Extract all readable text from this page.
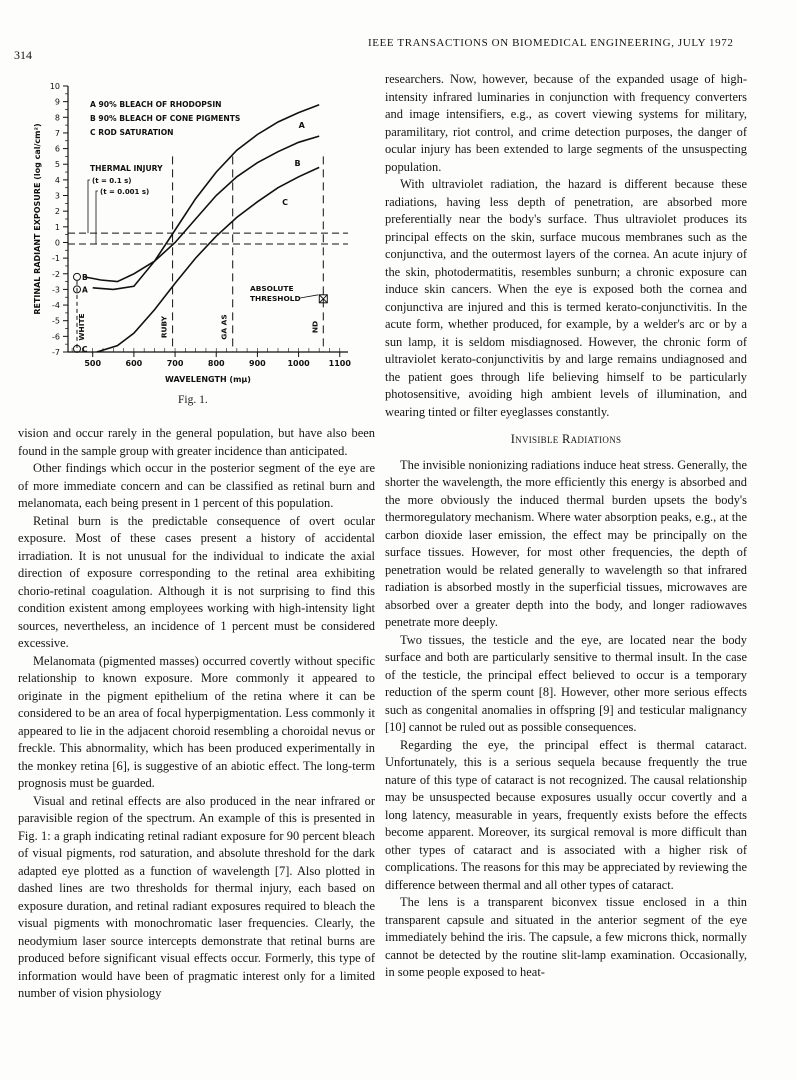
314
IEEE TRANSACTIONS ON BIOMEDICAL ENGINEERING, JULY 1972
10
9
8
7
6
5
4
3
2
1
0
-1
-2
-3
-4
-5
-6
-7
500	600	700	800	900	1000 1100
WAVELENGTH (mμ)
RETINAL RADIANT EXPOSURE (log cal/cm²)	A
B
C
A 90% BLEACH OF RHODOPSIN
B 90% BLEACH OF CONE PIGMENTS
C ROD SATURATION
THERMAL INJURY
(t = 0.1 s)
(t = 0.001 s)
ABSOLUTE
THRESHOLD
B
A
C
WHITE	RUBY	GA AS	ND
Fig. 1.

vision and occur rarely in the general population, but have also been found in the sample group with greater incidence than anticipated.

Other findings which occur in the posterior segment of the eye are of more immediate concern and can be classified as retinal burn and melanomata, each being present in 1 percent of this population.

Retinal burn is the predictable consequence of overt ocular exposure. Most of these cases present a history of accidental irradiation. It is not unusual for the individual to indicate the axial direction of exposure corresponding to the retinal area exhibiting chorio-retinal coagulation. Although it is not surprising to find this condition existent among employees working with high-intensity light sources, nevertheless, an incidence of 1 percent must be considered excessive.

Melanomata (pigmented masses) occurred covertly without specific relationship to known exposure. More commonly it appeared to originate in the pigment epithelium of the retina where it can be considered to be an area of focal hyperpigmentation. Less commonly it appeared to lie in the adjacent choroid resembling a choroidal nevus or freckle. This abnormality, which has been produced experimentally in the monkey retina [6], is suggestive of an abiotic effect. The long-term prognosis must be guarded.

Visual and retinal effects are also produced in the near infrared or paravisible region of the spectrum. An example of this is presented in Fig. 1: a graph indicating retinal radiant exposure for 90 percent bleach of visual pigments, rod saturation, and absolute threshold for the dark adapted eye plotted as a function of wavelength [7]. Also plotted in dashed lines are two thresholds for thermal injury, each based on exposure duration, and retinal radiant exposures required to bleach the visual pigments with monochromatic laser frequencies. Clearly, the neodymium laser source intercepts demonstrate that retinal burns are produced before significant visual effects occur. Formerly, this type of information would have been of pragmatic interest only for a limited number of vision physiology

researchers. Now, however, because of the expanded usage of high-intensity infrared luminaries in conjunction with frequency converters and image intensifiers, e.g., as covert viewing systems for military, paramilitary, riot control, and crime detection purposes, the danger of ocular injury has been extended to large segments of the unsuspecting population.

With ultraviolet radiation, the hazard is different because these radiations, having less depth of penetration, are absorbed more preferentially near the body's surface. Thus ultraviolet produces its principal effects on the skin, surface mucous membranes such as the conjunctiva, and the outermost layers of the cornea. An acute injury of the skin, photodermatitis, resembles sunburn; a chronic exposure can induce skin cancers. When the eye is exposed both the cornea and conjunctiva are injured and this is termed kerato-conjunctivitis. In the acute form, whether produced, for example, by a welder's arc or by a sun lamp, it is seldom misdiagnosed. However, the chronic form of ultraviolet kerato-conjunctivitis by and large remains undiagnosed and the patient goes through life believing himself to be particularly photosensitive, avoiding high ambient levels of illumination, and wearing tinted or filter eyeglasses constantly.

Invisible Radiations

The invisible nonionizing radiations induce heat stress. Generally, the shorter the wavelength, the more efficiently this energy is absorbed and the more obviously the induced thermal burden upsets the body's thermoregulatory mechanism. Where water absorption peaks, e.g., at the carbon dioxide laser emission, the effect may be principally on the surface tissues. However, for most other frequencies, the depth of penetration would be related generally to wavelength so that infrared radiation is absorbed mostly in the superficial tissues, microwaves are absorbed over a greater depth into the body, and longer radiowaves penetrate more deeply.

Two tissues, the testicle and the eye, are located near the body surface and both are particularly sensitive to thermal insult. In the case of the testicle, the principal effect believed to occur is a temporary reduction of the sperm count [8]. However, other more serious effects such as congenital anomalies in offspring [9] and testicular malignancy [10] cannot be ruled out as possible consequences.

Regarding the eye, the principal effect is thermal cataract. Unfortunately, this is a serious sequela because frequently the true nature of this type of cataract is not recognized. The causal relationship may be unsuspected because exposures usually occur covertly and a long latency, measurable in years, frequently exists before the effects become apparent. Moreover, its surgical removal is more difficult than other types of cataract and is associated with a higher risk of complications. The reasons for this may be appreciated by reviewing the difference between thermal and all other types of cataract.

The lens is a transparent biconvex tissue enclosed in a thin transparent capsule and situated in the anterior segment of the eye immediately behind the iris. The capsule, a few microns thick, normally cannot be detected by the routine slit-lamp examination. Occasionally, in some people exposed to heat-
